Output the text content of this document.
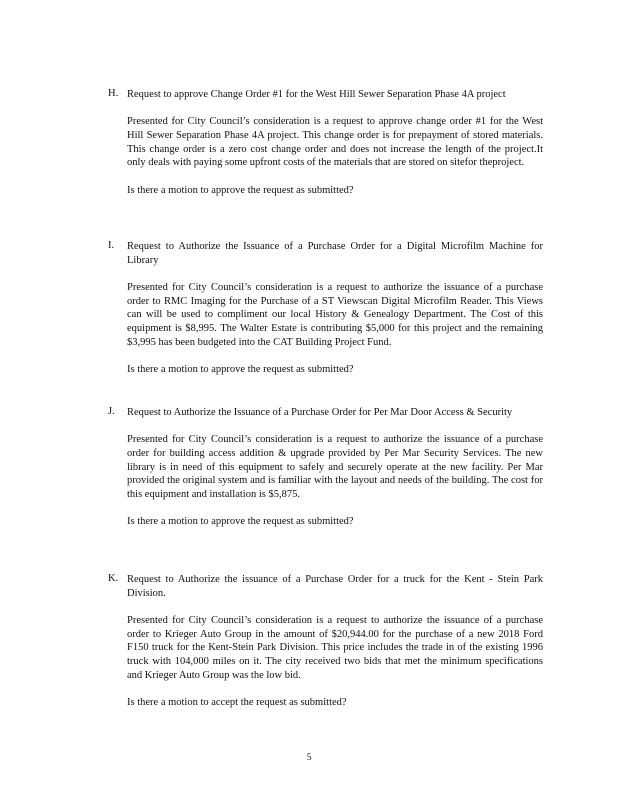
H. Request to approve Change Order #1 for the West Hill Sewer Separation Phase 4A project
Presented for City Council’s consideration is a request to approve change order #1 for the West Hill Sewer Separation Phase 4A project. This change order is for prepayment of stored materials. This change order is a zero cost change order and does not increase the length of the project.It only deals with paying some upfront costs of the materials that are stored on sitefor theproject.
Is there a motion to approve the request as submitted?
I.	Request to Authorize the Issuance of a Purchase Order for a Digital Microfilm Machine for Library
Presented for City Council’s consideration is a request to authorize the issuance of a purchase order to RMC Imaging for the Purchase of a ST Viewscan Digital Microfilm Reader. This Views can will be used to compliment our local History & Genealogy Department. The Cost of this equipment is $8,995. The Walter Estate is contributing $5,000 for this project and the remaining $3,995 has been budgeted into the CAT Building Project Fund.
Is there a motion to approve the request as submitted?
J.	Request to Authorize the Issuance of a Purchase Order for Per Mar Door Access & Security
Presented for City Council’s consideration is a request to authorize the issuance of a purchase order for building access addition & upgrade provided by Per Mar Security Services. The new library is in need of this equipment to safely and securely operate at the new facility. Per Mar provided the original system and is familiar with the layout and needs of the building. The cost for this equipment and installation is $5,875.
Is there a motion to approve the request as submitted?
K. Request to Authorize the issuance of a Purchase Order for a truck for the Kent - Stein Park Division.
Presented for City Council’s consideration is a request to authorize the issuance of a purchase order to Krieger Auto Group in the amount of $20,944.00 for the purchase of a new 2018 Ford F150 truck for the Kent-Stein Park Division. This price includes the trade in of the existing 1996 truck with 104,000 miles on it. The city received two bids that met the minimum specifications and Krieger Auto Group was the low bid.
Is there a motion to accept the request as submitted?
5
